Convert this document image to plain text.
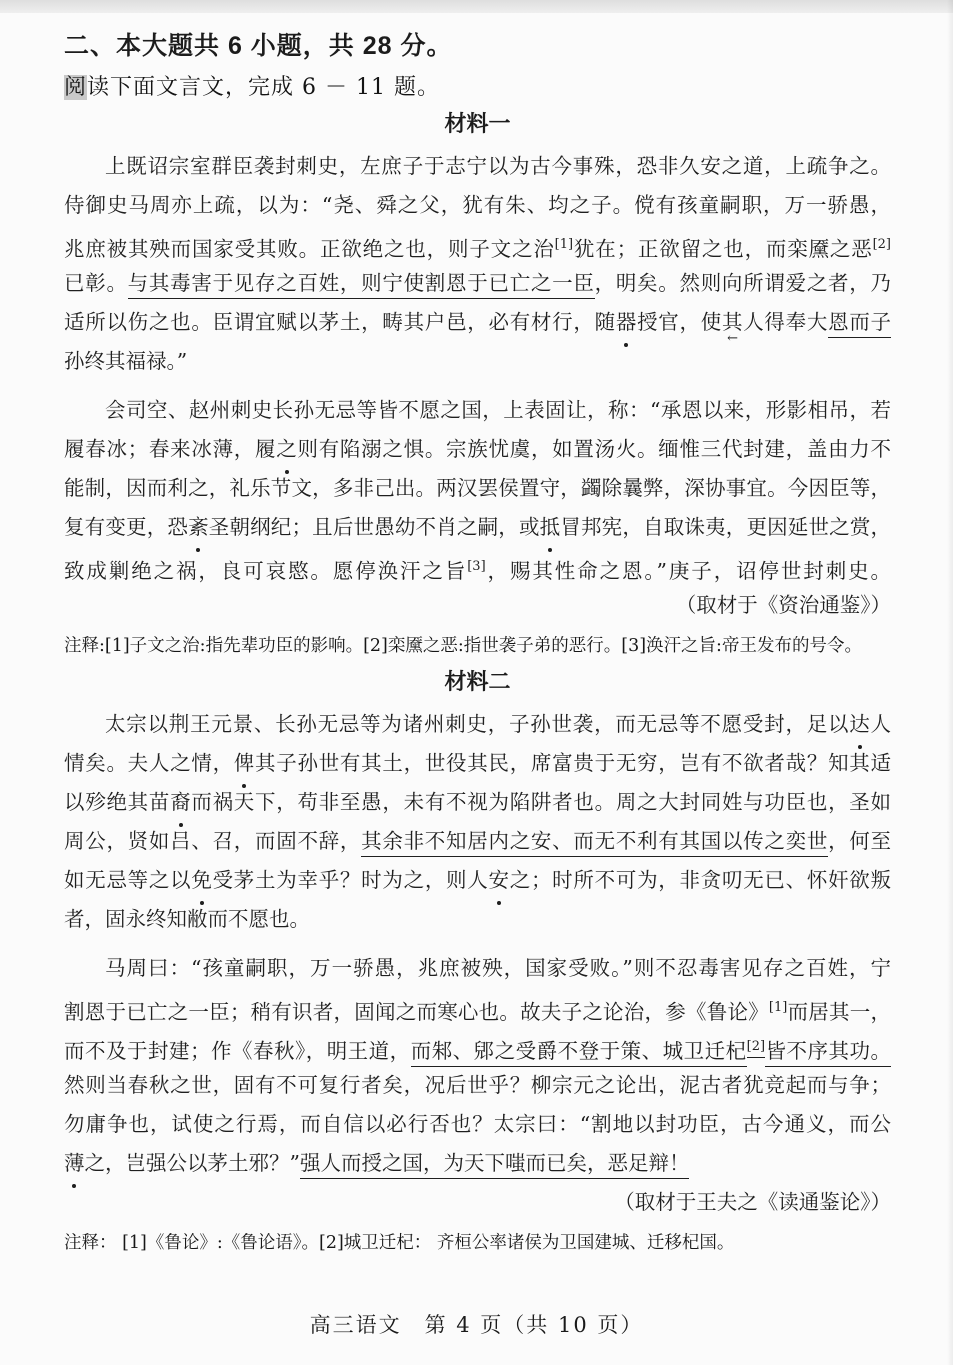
二、本大题共 6 小题，共 28 分。
阅读下面文言文，完成 6 － 11 题。
材料一
上既诏宗室群臣袭封刺史，左庶子于志宁以为古今事殊，恐非久安之道，上疏争之。
侍御史马周亦上疏，以为：“尧、舜之父，犹有朱、均之子。傥有孩童嗣职，万一骄愚，
兆庶被其殃而国家受其败。正欲绝之也，则子文之治[1]犹在；正欲留之也，而栾黡之恶[2]
已彰。与其毒害于见存之百姓，则宁使割恩于已亡之一臣，明矣。然则向所谓爱之者，乃
适所以伤之也。臣谓宜赋以茅土，畴其户邑，必有材行，随器授官，使其 ←人得奉大恩而子
孙终其福禄。”
会司空、赵州刺史长孙无忌等皆不愿之国，上表固让，称：“承恩以来，形影相吊，若
履春冰；春来冰薄，履之则有陷溺之惧。宗族忧虞，如置汤火。缅惟三代封建，盖由力不
能制，因而利之，礼乐节文，多非己出。两汉罢侯置守，蠲除曩弊，深协事宜。今因臣等，
复有变更，恐紊圣朝纲纪；且后世愚幼不肖之嗣，或抵冒邦宪，自取诛夷，更因延世之赏，
致成剿绝之祸，良可哀愍。愿停涣汗之旨[3]，赐其性命之恩。”庚子，诏停世封刺史。
（取材于《资治通鉴》）

注释:[1]子文之治:指先辈功臣的影响。[2]栾黡之恶:指世袭子弟的恶行。[3]涣汗之旨:帝王发布的号令。

材料二
太宗以荆王元景、长孙无忌等为诸州刺史，子孙世袭，而无忌等不愿受封，足以达人
情矣。夫人之情，俾其子孙世有其土，世役其民，席富贵于无穷，岂有不欲者哉？知其适
以殄绝其苗裔而祸天下，苟非至愚，未有不视为陷阱者也。周之大封同姓与功臣也，圣如
周公，贤如吕、召，而固不辞，其余非不知居内之安、而无不利有其国以传之奕世，何至
如无忌等之以免受茅土为幸乎？时为之，则人安之；时所不可为，非贪叨无已、怀奸欲叛
者，固永终知敝而不愿也。
马周曰：“孩童嗣职，万一骄愚，兆庶被殃，国家受败。”则不忍毒害见存之百姓，宁
割恩于已亡之一臣；稍有识者，固闻之而寒心也。故夫子之论治，参《鲁论》[1]而居其一，
而不及于封建；作《春秋》，明王道，而邾、郳之受爵不登于策、城卫迁杞[2]皆不序其功。
然则当春秋之世，固有不可复行者矣，况后世乎？柳宗元之论出，泥古者犹竞起而与争；
勿庸争也，试使之行焉，而自信以必行否也？太宗曰：“割地以封功臣，古今通义，而公
薄之，岂强公以茅土邪？”强人而授之国，为天下嗤而已矣，恶足辩！
（取材于王夫之《读通鉴论》）

注释： [1]《鲁论》:《鲁论语》。[2]城卫迁杞： 齐桓公率诸侯为卫国建城、迁移杞国。

高三语文　第 4 页（共 10 页）
